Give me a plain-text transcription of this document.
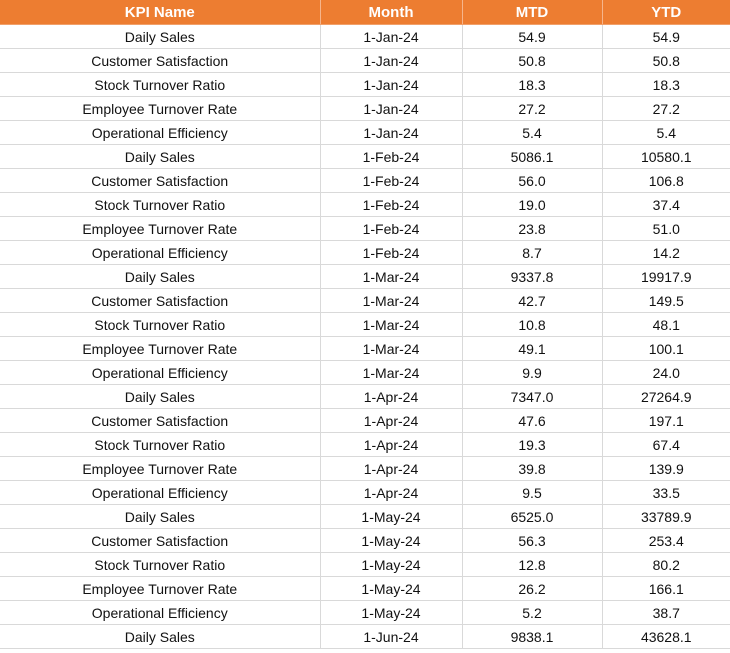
KPI Name	Month	MTD	YTD
Daily Sales	1-Jan-24	54.9	54.9
Customer Satisfaction	1-Jan-24	50.8	50.8
Stock Turnover Ratio	1-Jan-24	18.3	18.3
Employee Turnover Rate	1-Jan-24	27.2	27.2
Operational Efficiency	1-Jan-24	5.4	5.4
Daily Sales	1-Feb-24	5086.1	10580.1
Customer Satisfaction	1-Feb-24	56.0	106.8
Stock Turnover Ratio	1-Feb-24	19.0	37.4
Employee Turnover Rate	1-Feb-24	23.8	51.0
Operational Efficiency	1-Feb-24	8.7	14.2
Daily Sales	1-Mar-24	9337.8	19917.9
Customer Satisfaction	1-Mar-24	42.7	149.5
Stock Turnover Ratio	1-Mar-24	10.8	48.1
Employee Turnover Rate	1-Mar-24	49.1	100.1
Operational Efficiency	1-Mar-24	9.9	24.0
Daily Sales	1-Apr-24	7347.0	27264.9
Customer Satisfaction	1-Apr-24	47.6	197.1
Stock Turnover Ratio	1-Apr-24	19.3	67.4
Employee Turnover Rate	1-Apr-24	39.8	139.9
Operational Efficiency	1-Apr-24	9.5	33.5
Daily Sales	1-May-24	6525.0	33789.9
Customer Satisfaction	1-May-24	56.3	253.4
Stock Turnover Ratio	1-May-24	12.8	80.2
Employee Turnover Rate	1-May-24	26.2	166.1
Operational Efficiency	1-May-24	5.2	38.7
Daily Sales	1-Jun-24	9838.1	43628.1
